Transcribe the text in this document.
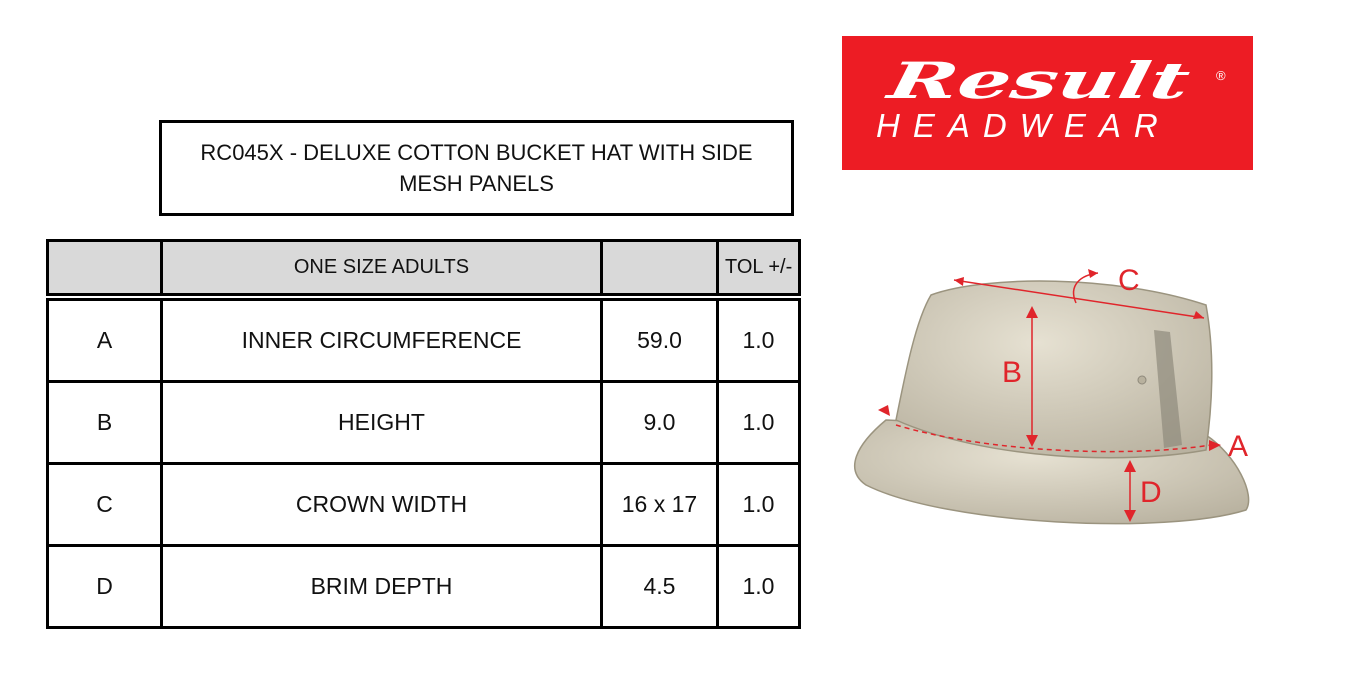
RC045X - DELUXE COTTON BUCKET HAT WITH SIDE MESH PANELS
	ONE SIZE ADULTS		TOL +/-
A	INNER CIRCUMFERENCE	59.0	1.0
B	HEIGHT	9.0	1.0
C	CROWN WIDTH	16 x 17	1.0
D	BRIM DEPTH	4.5	1.0
Result	®
HEADWEAR
C
B
A
D
